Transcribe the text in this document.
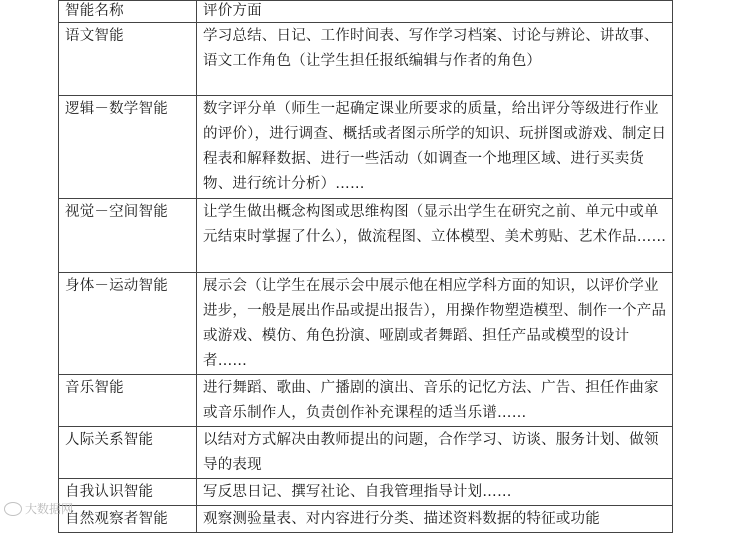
智能名称	评价方面
语文智能	学习总结、日记、工作时间表、写作学习档案、讨论与辨论、讲故事、语文工作角色（让学生担任报纸编辑与作者的角色）
逻辑－数学智能	数字评分单（师生一起确定课业所要求的质量，给出评分等级进行作业的评价），进行调查、概括或者图示所学的知识、玩拼图或游戏、制定日程表和解释数据、进行一些活动（如调查一个地理区域、进行买卖货物、进行统计分析）……
视觉－空间智能	让学生做出概念构图或思维构图（显示出学生在研究之前、单元中或单元结束时掌握了什么），做流程图、立体模型、美术剪贴、艺术作品……
身体－运动智能	展示会（让学生在展示会中展示他在相应学科方面的知识，以评价学业进步，一般是展出作品或提出报告），用操作物塑造模型、制作一个产品或游戏、模仿、角色扮演、哑剧或者舞蹈、担任产品或模型的设计者……
音乐智能	进行舞蹈、歌曲、广播剧的演出、音乐的记忆方法、广告、担任作曲家或音乐制作人，负责创作补充课程的适当乐谱……
人际关系智能	以结对方式解决由教师提出的问题，合作学习、访谈、服务计划、做领导的表现
自我认识智能	写反思日记、撰写社论、自我管理指导计划……
自然观察者智能	观察测验量表、对内容进行分类、描述资料数据的特征或功能
大数据网
